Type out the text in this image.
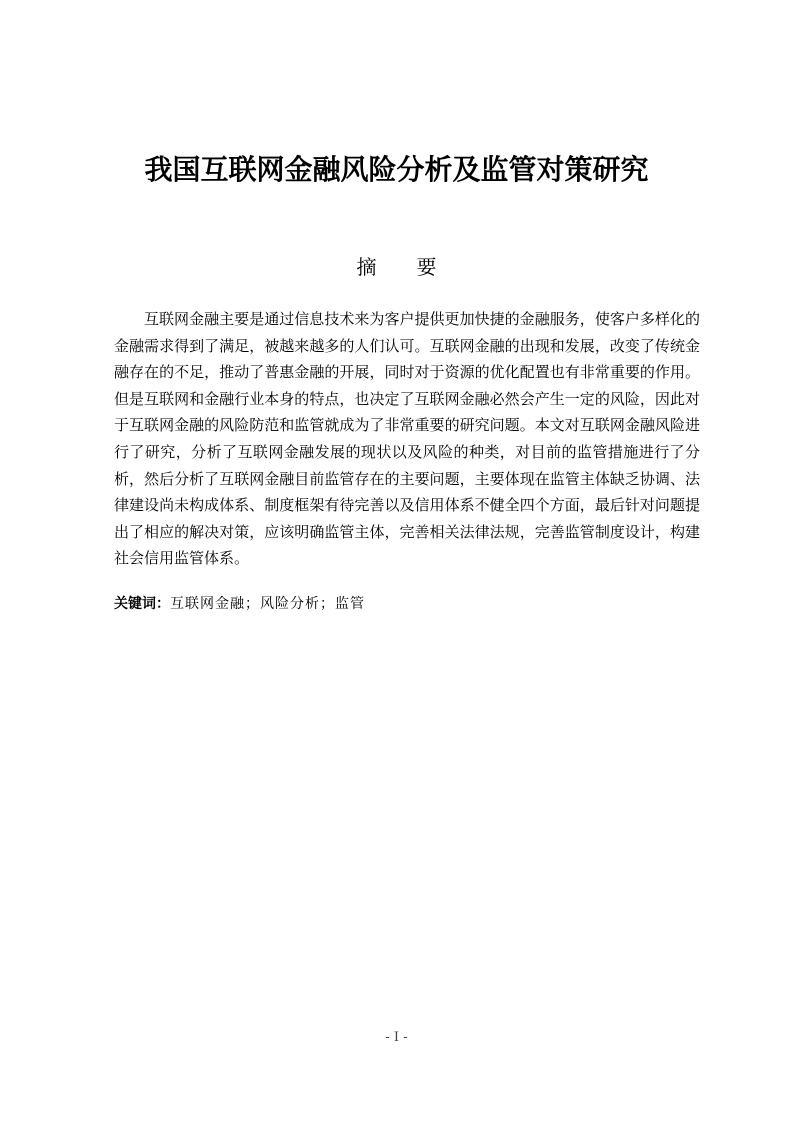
我国互联网金融风险分析及监管对策研究
摘　　要

互联网金融主要是通过信息技术来为客户提供更加快捷的金融服务，使客户多样化的金融需求得到了满足，被越来越多的人们认可。互联网金融的出现和发展，改变了传统金融存在的不足，推动了普惠金融的开展，同时对于资源的优化配置也有非常重要的作用。但是互联网和金融行业本身的特点，也决定了互联网金融必然会产生一定的风险，因此对于互联网金融的风险防范和监管就成为了非常重要的研究问题。本文对互联网金融风险进行了研究，分析了互联网金融发展的现状以及风险的种类，对目前的监管措施进行了分析，然后分析了互联网金融目前监管存在的主要问题，主要体现在监管主体缺乏协调、法律建设尚未构成体系、制度框架有待完善以及信用体系不健全四个方面，最后针对问题提出了相应的解决对策，应该明确监管主体，完善相关法律法规，完善监管制度设计，构建社会信用监管体系。

关键词：互联网金融；风险分析；监管
- I -
